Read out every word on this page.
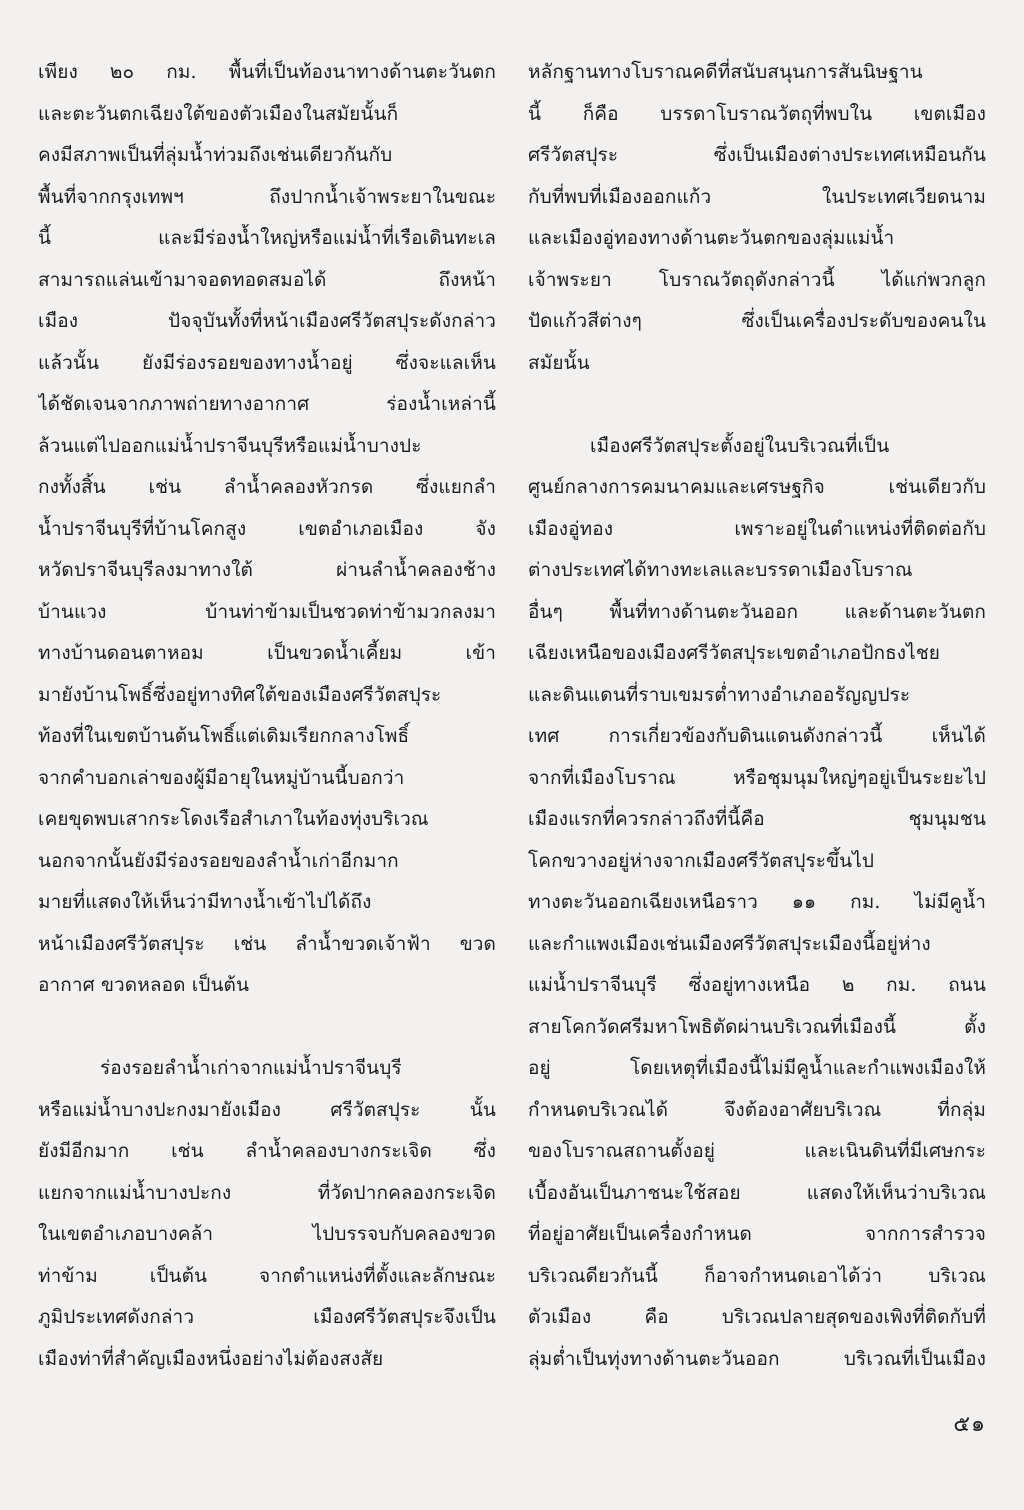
เพียง ๒๐ กม. พื้นที่เป็นท้องนาทางด้านตะวันตก
และตะวันตกเฉียงใต้ของตัวเมืองในสมัยนั้นก็
คงมีสภาพเป็นที่ลุ่มน้ำท่วมถึงเช่นเดียวกันกับ
พื้นที่จากกรุงเทพฯ ถึงปากน้ำเจ้าพระยาในขณะ
นี้ และมีร่องน้ำใหญ่หรือแม่น้ำที่เรือเดินทะเล
สามารถแล่นเข้ามาจอดทอดสมอได้ ถึงหน้า
เมือง ปัจจุบันทั้งที่หน้าเมืองศรีวัตสปุระดังกล่าว
แล้วนั้น ยังมีร่องรอยของทางน้ำอยู่ ซึ่งจะแลเห็น
ได้ชัดเจนจากภาพถ่ายทางอากาศ ร่องน้ำเหล่านี้
ล้วนแต่ไปออกแม่น้ำปราจีนบุรีหรือแม่น้ำบางปะ
กงทั้งสิ้น เช่น ลำน้ำคลองหัวกรด ซึ่งแยกลำ
น้ำปราจีนบุรีที่บ้านโคกสูง เขตอำเภอเมือง จัง
หวัดปราจีนบุรีลงมาทางใต้ ผ่านลำน้ำคลองช้าง
บ้านแวง บ้านท่าข้ามเป็นชวดท่าข้ามวกลงมา
ทางบ้านดอนตาหอม เป็นขวดน้ำเคี้ยม เข้า
มายังบ้านโพธิ์ซึ่งอยู่ทางทิศใต้ของเมืองศรีวัตสปุระ
ท้องที่ในเขตบ้านต้นโพธิ์แต่เดิมเรียกกลางโพธิ์
จากคำบอกเล่าของผู้มีอายุในหมู่บ้านนี้บอกว่า
เคยขุดพบเสากระโดงเรือสำเภาในท้องทุ่งบริเวณ
นอกจากนั้นยังมีร่องรอยของลำน้ำเก่าอีกมาก
มายที่แสดงให้เห็นว่ามีทางน้ำเข้าไปได้ถึง
หน้าเมืองศรีวัตสปุระ เช่น ลำน้ำขวดเจ้าฟ้า ขวด
อากาศ ขวดหลอด เป็นต้น
ร่องรอยลำน้ำเก่าจากแม่น้ำปราจีนบุรี
หรือแม่น้ำบางปะกงมายังเมือง ศรีวัตสปุระ นั้น
ยังมีอีกมาก เช่น ลำน้ำคลองบางกระเจิด ซึ่ง
แยกจากแม่น้ำบางปะกง ที่วัดปากคลองกระเจิด
ในเขตอำเภอบางคล้า ไปบรรจบกับคลองขวด
ท่าข้าม เป็นต้น จากตำแหน่งที่ตั้งและลักษณะ
ภูมิประเทศดังกล่าว เมืองศรีวัตสปุระจึงเป็น
เมืองท่าที่สำคัญเมืองหนึ่งอย่างไม่ต้องสงสัย
หลักฐานทางโบราณคดีที่สนับสนุนการสันนิษฐาน
นี้ ก็คือ บรรดาโบราณวัตถุที่พบใน เขตเมือง
ศรีวัตสปุระ ซึ่งเป็นเมืองต่างประเทศเหมือนกัน
กับที่พบที่เมืองออกแก้ว ในประเทศเวียดนาม
และเมืองอู่ทองทางด้านตะวันตกของลุ่มแม่น้ำ
เจ้าพระยา โบราณวัตถุดังกล่าวนี้ ได้แก่พวกลูก
ปัดแก้วสีต่างๆ ซึ่งเป็นเครื่องประดับของคนใน
สมัยนั้น
เมืองศรีวัตสปุระตั้งอยู่ในบริเวณที่เป็น
ศูนย์กลางการคมนาคมและเศรษฐกิจ เช่นเดียวกับ
เมืองอู่ทอง เพราะอยู่ในตำแหน่งที่ติดต่อกับ
ต่างประเทศได้ทางทะเลและบรรดาเมืองโบราณ
อื่นๆ พื้นที่ทางด้านตะวันออก และด้านตะวันตก
เฉียงเหนือของเมืองศรีวัตสปุระเขตอำเภอปักธงไชย
และดินแดนที่ราบเขมรต่ำทางอำเภออรัญญประ
เทศ การเกี่ยวข้องกับดินแดนดังกล่าวนี้ เห็นได้
จากที่เมืองโบราณ หรือชุมนุมใหญ่ๆอยู่เป็นระยะไป
เมืองแรกที่ควรกล่าวถึงที่นี้คือ ชุมนุมชน
โคกขวางอยู่ห่างจากเมืองศรีวัตสปุระขึ้นไป
ทางตะวันออกเฉียงเหนือราว ๑๑ กม. ไม่มีคูน้ำ
และกำแพงเมืองเช่นเมืองศรีวัตสปุระเมืองนี้อยู่ห่าง
แม่น้ำปราจีนบุรี ซึ่งอยู่ทางเหนือ ๒ กม. ถนน
สายโคกวัดศรีมหาโพธิตัดผ่านบริเวณที่เมืองนี้ ตั้ง
อยู่ โดยเหตุที่เมืองนี้ไม่มีคูน้ำและกำแพงเมืองให้
กำหนดบริเวณได้ จึงต้องอาศัยบริเวณ ที่กลุ่ม
ของโบราณสถานตั้งอยู่ และเนินดินที่มีเศษกระ
เบื้องอันเป็นภาชนะใช้สอย แสดงให้เห็นว่าบริเวณ
ที่อยู่อาศัยเป็นเครื่องกำหนด จากการสำรวจ
บริเวณดียวกันนี้ ก็อาจกำหนดเอาได้ว่า บริเวณ
ตัวเมือง คือ บริเวณปลายสุดของเพิงที่ติดกับที่
ลุ่มต่ำเป็นทุ่งทางด้านตะวันออก บริเวณที่เป็นเมือง
๕๑
